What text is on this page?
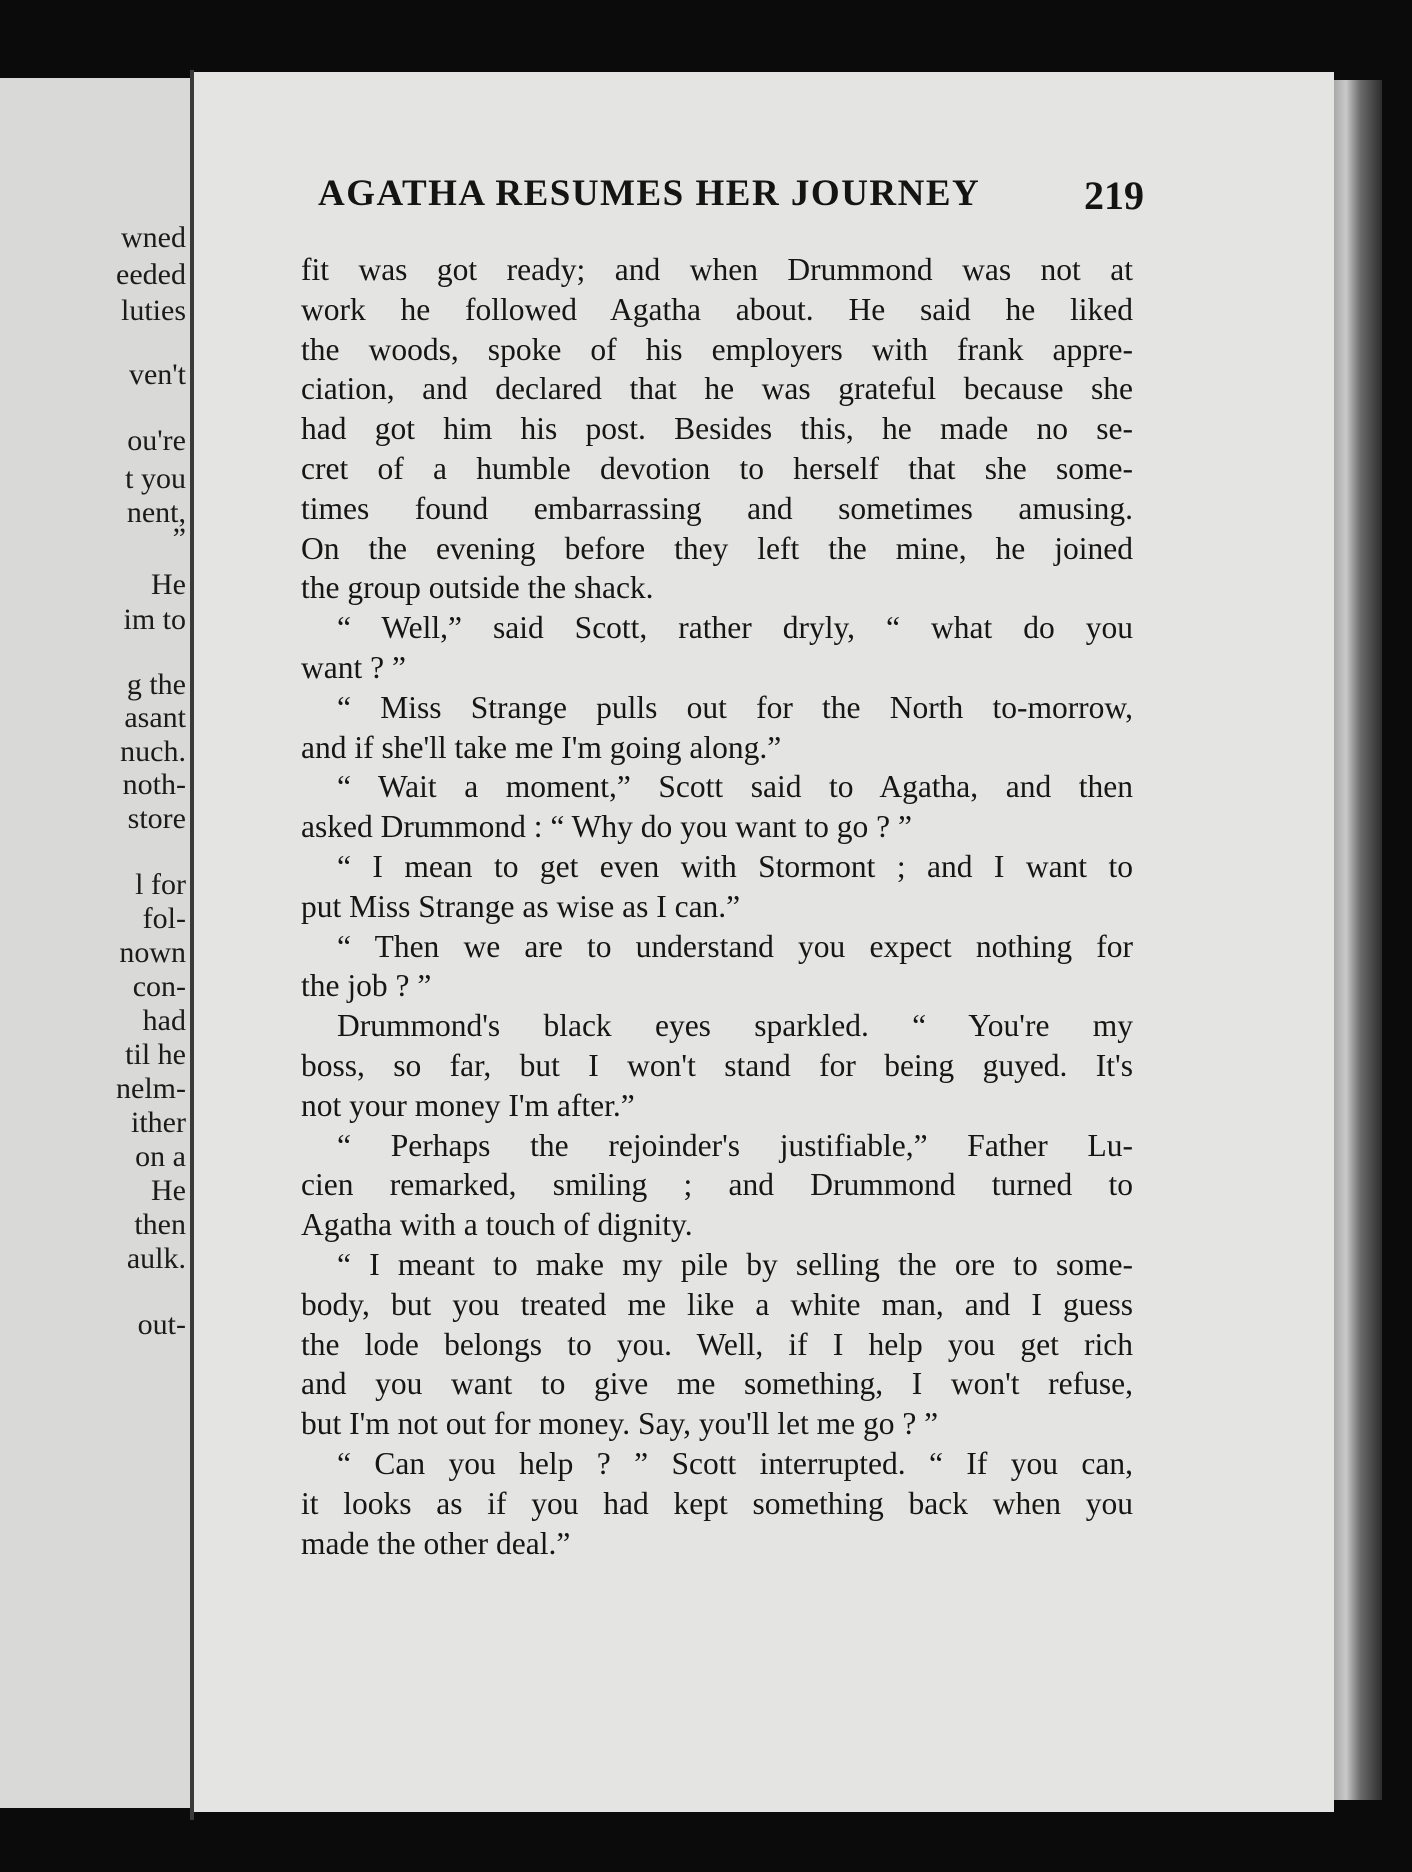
wned
eeded
luties
ven't
ou're
t you
nent,
”
He
im to
g the
asant
nuch.
noth-
store
l for
fol-
nown
con-
had
til he
nelm-
ither
on a
He
then
aulk.
out-
AGATHA RESUMES HER JOURNEY	219
fit was got ready; and when Drummond was not at
work he followed Agatha about. He said he liked
the woods, spoke of his employers with frank appre-
ciation, and declared that he was grateful because she
had got him his post. Besides this, he made no se-
cret of a humble devotion to herself that she some-
times found embarrassing and sometimes amusing.
On the evening before they left the mine, he joined
the group outside the shack.
“ Well,” said Scott, rather dryly, “ what do you
want ? ”
“ Miss Strange pulls out for the North to-morrow,
and if she'll take me I'm going along.”
“ Wait a moment,” Scott said to Agatha, and then
asked Drummond : “ Why do you want to go ? ”
“ I mean to get even with Stormont ; and I want to
put Miss Strange as wise as I can.”
“ Then we are to understand you expect nothing for
the job ? ”
Drummond's black eyes sparkled. “ You're my
boss, so far, but I won't stand for being guyed. It's
not your money I'm after.”
“ Perhaps the rejoinder's justifiable,” Father Lu-
cien remarked, smiling ; and Drummond turned to
Agatha with a touch of dignity.
“ I meant to make my pile by selling the ore to some-
body, but you treated me like a white man, and I guess
the lode belongs to you. Well, if I help you get rich
and you want to give me something, I won't refuse,
but I'm not out for money. Say, you'll let me go ? ”
“ Can you help ? ” Scott interrupted. “ If you can,
it looks as if you had kept something back when you
made the other deal.”
